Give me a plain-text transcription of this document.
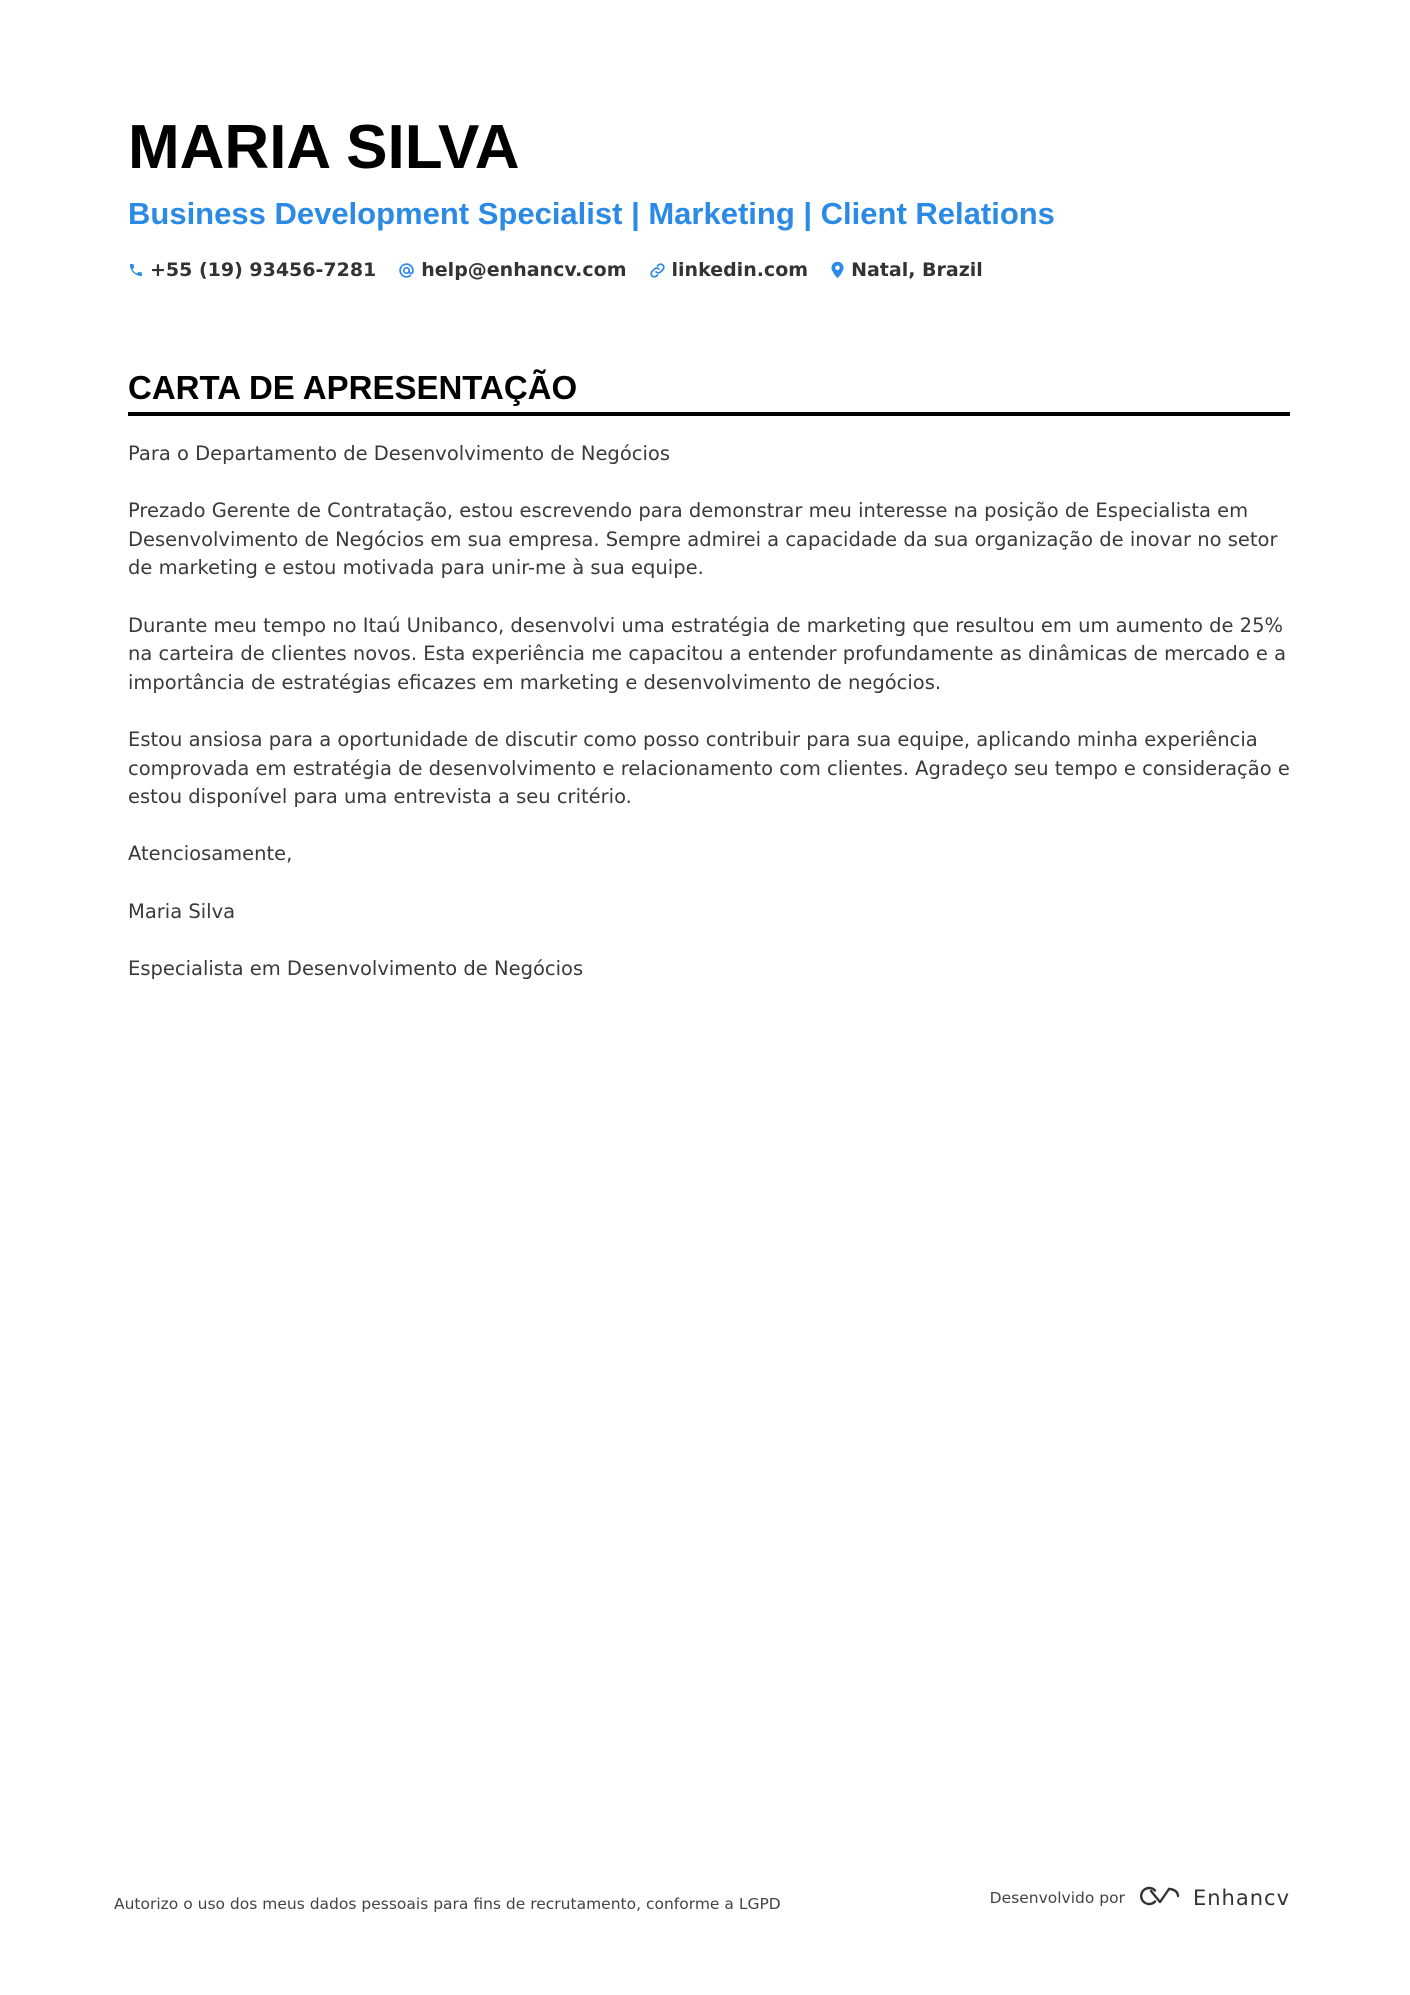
MARIA SILVA
Business Development Specialist | Marketing | Client Relations
+55 (19) 93456-7281 help@enhancv.com linkedin.com Natal, Brazil
CARTA DE APRESENTAÇÃO

Para o Departamento de Desenvolvimento de Negócios

Prezado Gerente de Contratação, estou escrevendo para demonstrar meu interesse na posição de Especialista em Desenvolvimento de Negócios em sua empresa. Sempre admirei a capacidade da sua organização de inovar no setor de marketing e estou motivada para unir-me à sua equipe.

Durante meu tempo no Itaú Unibanco, desenvolvi uma estratégia de marketing que resultou em um aumento de 25% na carteira de clientes novos. Esta experiência me capacitou a entender profundamente as dinâmicas de mercado e a importância de estratégias eficazes em marketing e desenvolvimento de negócios.

Estou ansiosa para a oportunidade de discutir como posso contribuir para sua equipe, aplicando minha experiência comprovada em estratégia de desenvolvimento e relacionamento com clientes. Agradeço seu tempo e consideração e estou disponível para uma entrevista a seu critério.

Atenciosamente,

Maria Silva

Especialista em Desenvolvimento de Negócios

Autorizo o uso dos meus dados pessoais para fins de recrutamento, conforme a LGPD	Desenvolvido por	Enhancv
